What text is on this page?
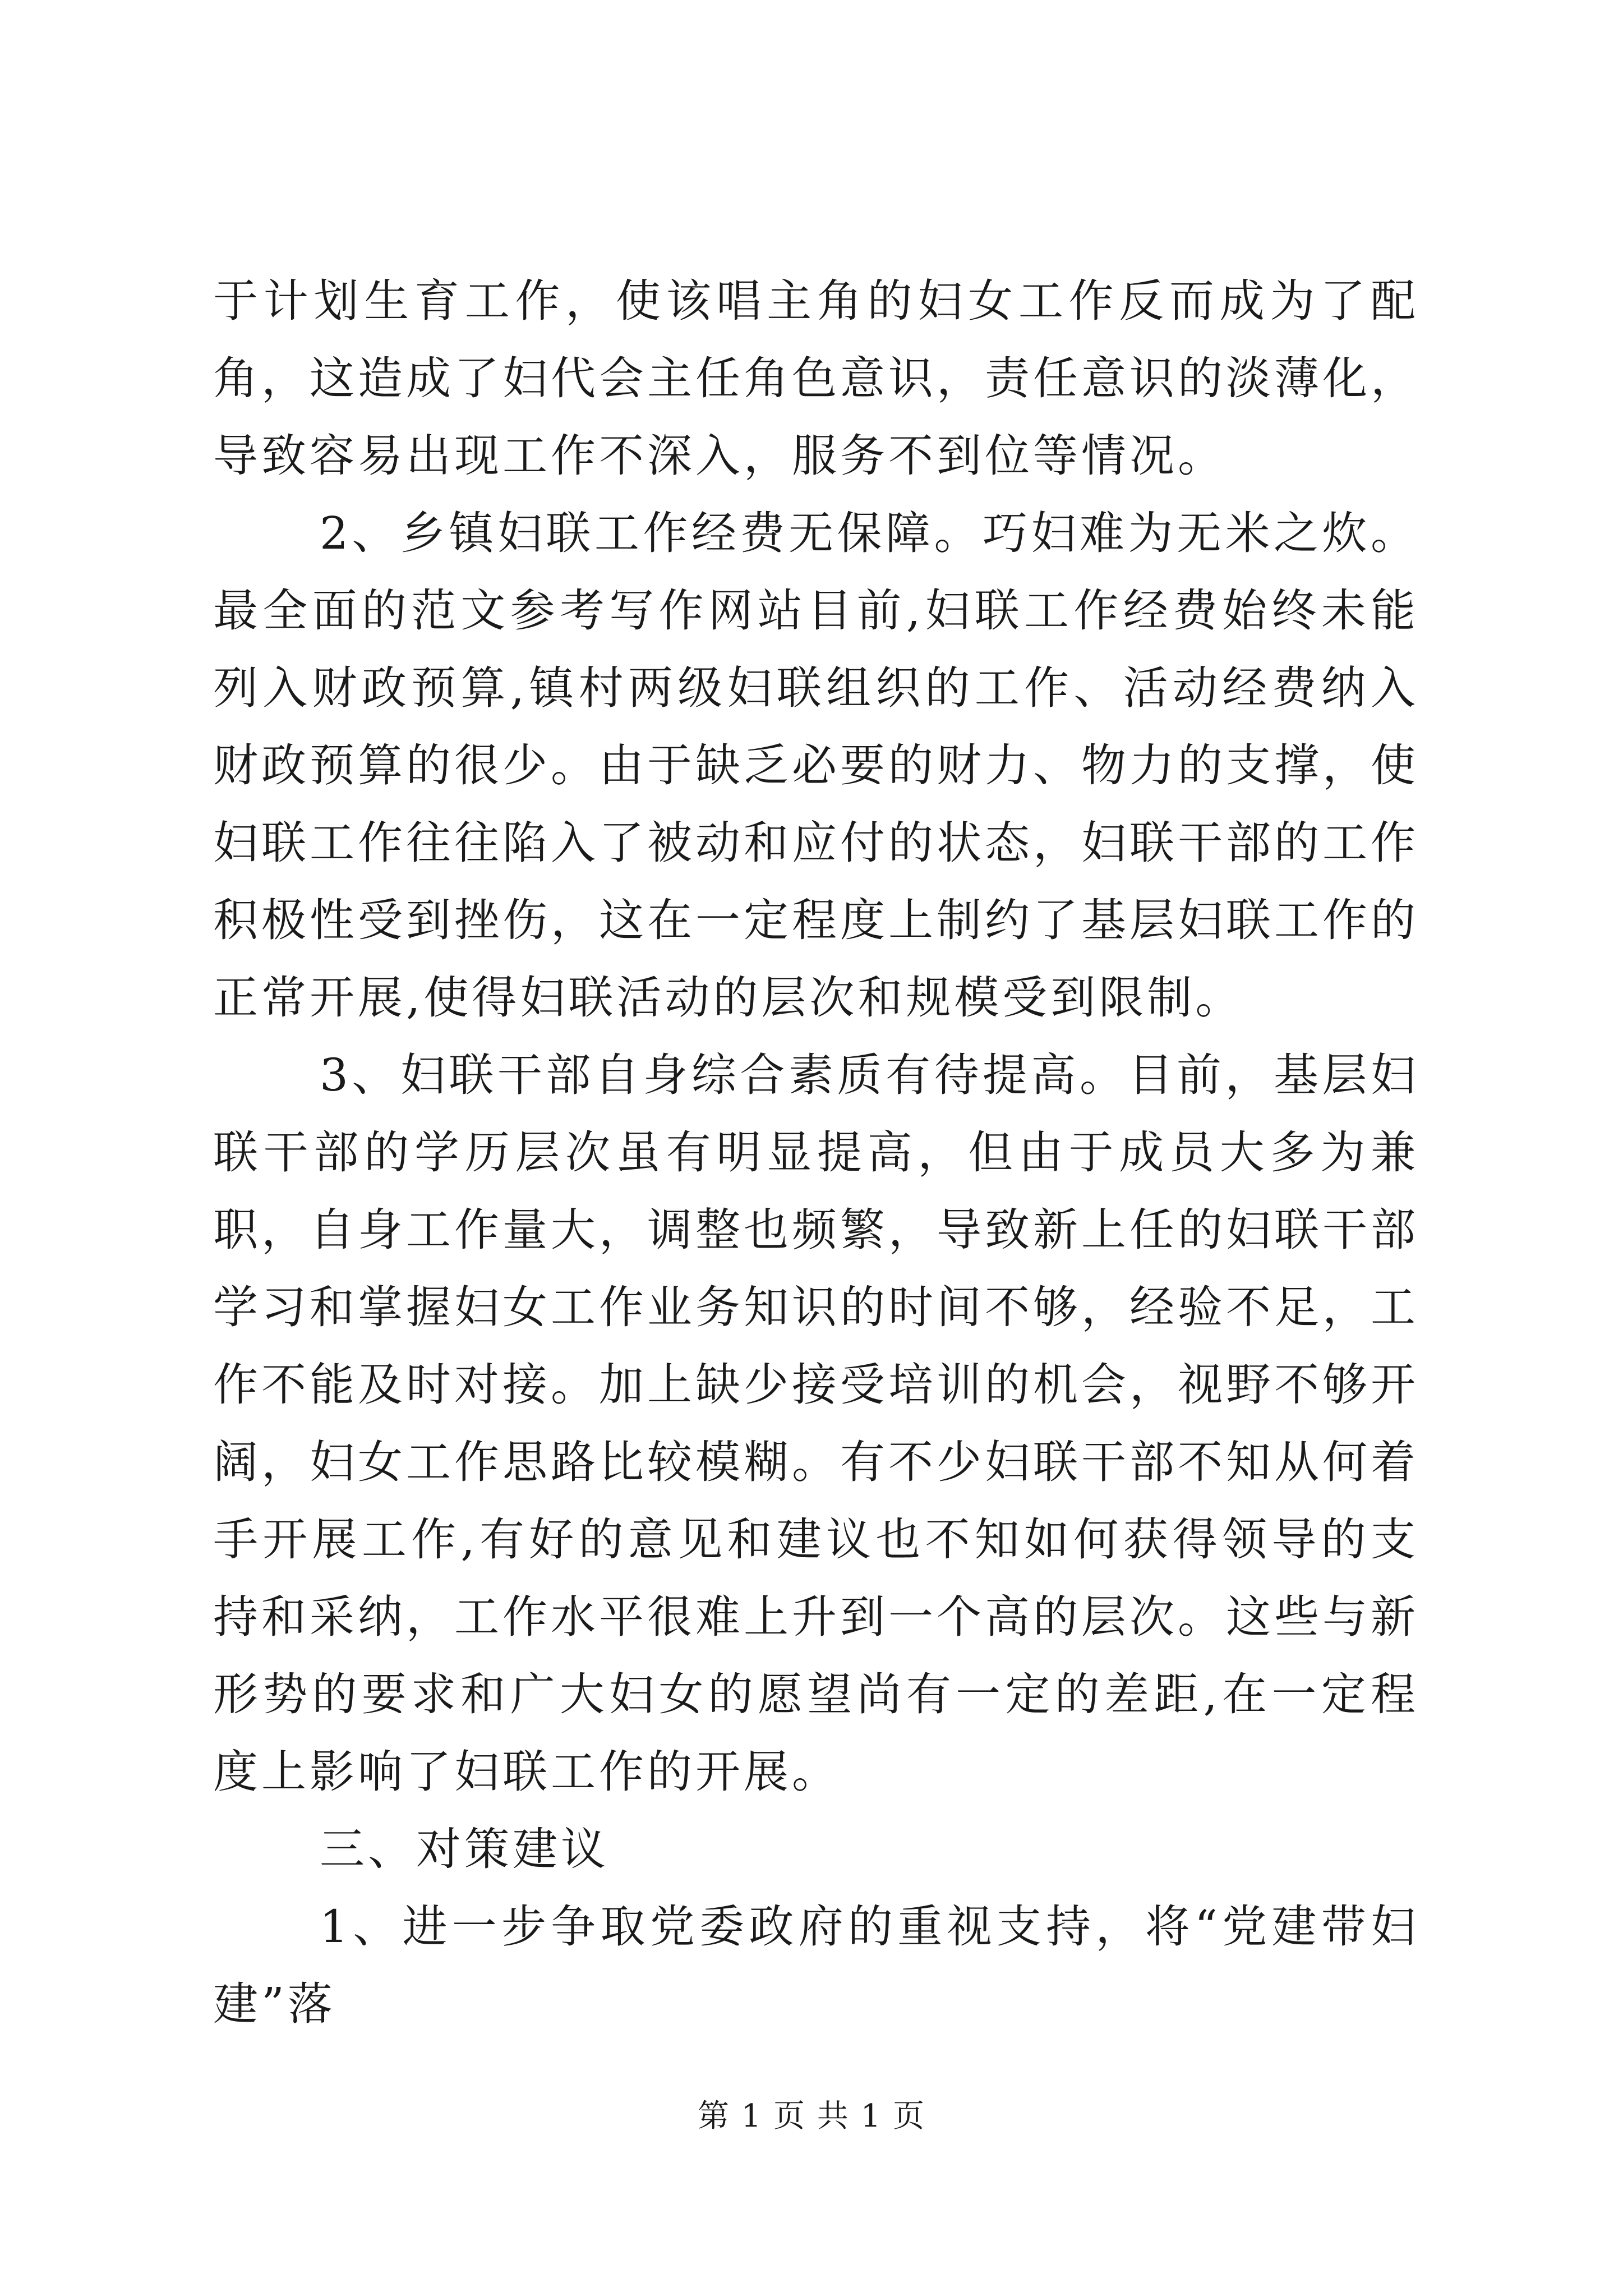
于计划生育工作，使该唱主角的妇女工作反而成为了配角，这造成了妇代会主任角色意识，责任意识的淡薄化，导致容易出现工作不深入，服务不到位等情况。

2、乡镇妇联工作经费无保障。巧妇难为无米之炊。最全面的范文参考写作网站目前,妇联工作经费始终未能列入财政预算,镇村两级妇联组织的工作、活动经费纳入财政预算的很少。由于缺乏必要的财力、物力的支撑，使妇联工作往往陷入了被动和应付的状态，妇联干部的工作积极性受到挫伤，这在一定程度上制约了基层妇联工作的正常开展,使得妇联活动的层次和规模受到限制。

3、妇联干部自身综合素质有待提高。目前，基层妇联干部的学历层次虽有明显提高，但由于成员大多为兼职，自身工作量大，调整也频繁，导致新上任的妇联干部学习和掌握妇女工作业务知识的时间不够，经验不足，工作不能及时对接。加上缺少接受培训的机会，视野不够开阔，妇女工作思路比较模糊。有不少妇联干部不知从何着手开展工作,有好的意见和建议也不知如何获得领导的支持和采纳，工作水平很难上升到一个高的层次。这些与新形势的要求和广大妇女的愿望尚有一定的差距,在一定程度上影响了妇联工作的开展。

三、对策建议

1、进一步争取党委政府的重视支持，将“党建带妇建”落

第 1 页 共 1 页
